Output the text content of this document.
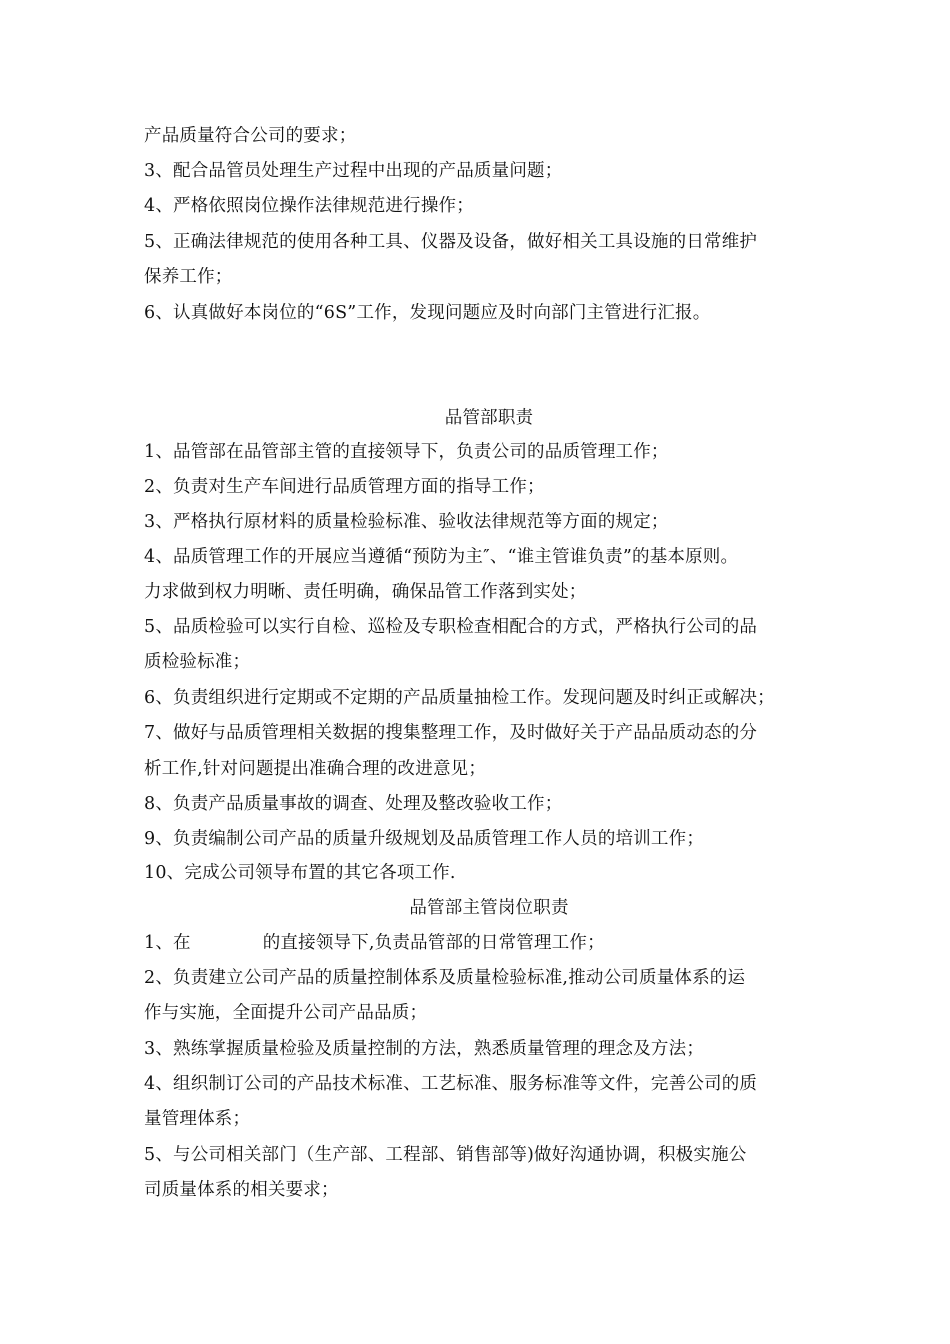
产品质量符合公司的要求；
3、配合品管员处理生产过程中出现的产品质量问题；
4、严格依照岗位操作法律规范进行操作；
5、正确法律规范的使用各种工具、仪器及设备，做好相关工具设施的日常维护
保养工作；
6、认真做好本岗位的“6S”工作，发现问题应及时向部门主管进行汇报。
品管部职责
1、品管部在品管部主管的直接领导下，负责公司的品质管理工作；
2、负责对生产车间进行品质管理方面的指导工作；
3、严格执行原材料的质量检验标准、验收法律规范等方面的规定；
4、品质管理工作的开展应当遵循“预防为主″、“谁主管谁负责”的基本原则。
力求做到权力明晰、责任明确，确保品管工作落到实处；
5、品质检验可以实行自检、巡检及专职检查相配合的方式，严格执行公司的品
质检验标准；
6、负责组织进行定期或不定期的产品质量抽检工作。发现问题及时纠正或解决；
7、做好与品质管理相关数据的搜集整理工作，及时做好关于产品品质动态的分
析工作,针对问题提出准确合理的改进意见；
8、负责产品质量事故的调查、处理及整改验收工作；
9、负责编制公司产品的质量升级规划及品质管理工作人员的培训工作；
10、完成公司领导布置的其它各项工作.
品管部主管岗位职责
1、在	的直接领导下,负责品管部的日常管理工作；
2、负责建立公司产品的质量控制体系及质量检验标准,推动公司质量体系的运
作与实施，全面提升公司产品品质；
3、熟练掌握质量检验及质量控制的方法，熟悉质量管理的理念及方法；
4、组织制订公司的产品技术标准、工艺标准、服务标准等文件，完善公司的质
量管理体系；
5、与公司相关部门（生产部、工程部、销售部等)做好沟通协调，积极实施公
司质量体系的相关要求；
